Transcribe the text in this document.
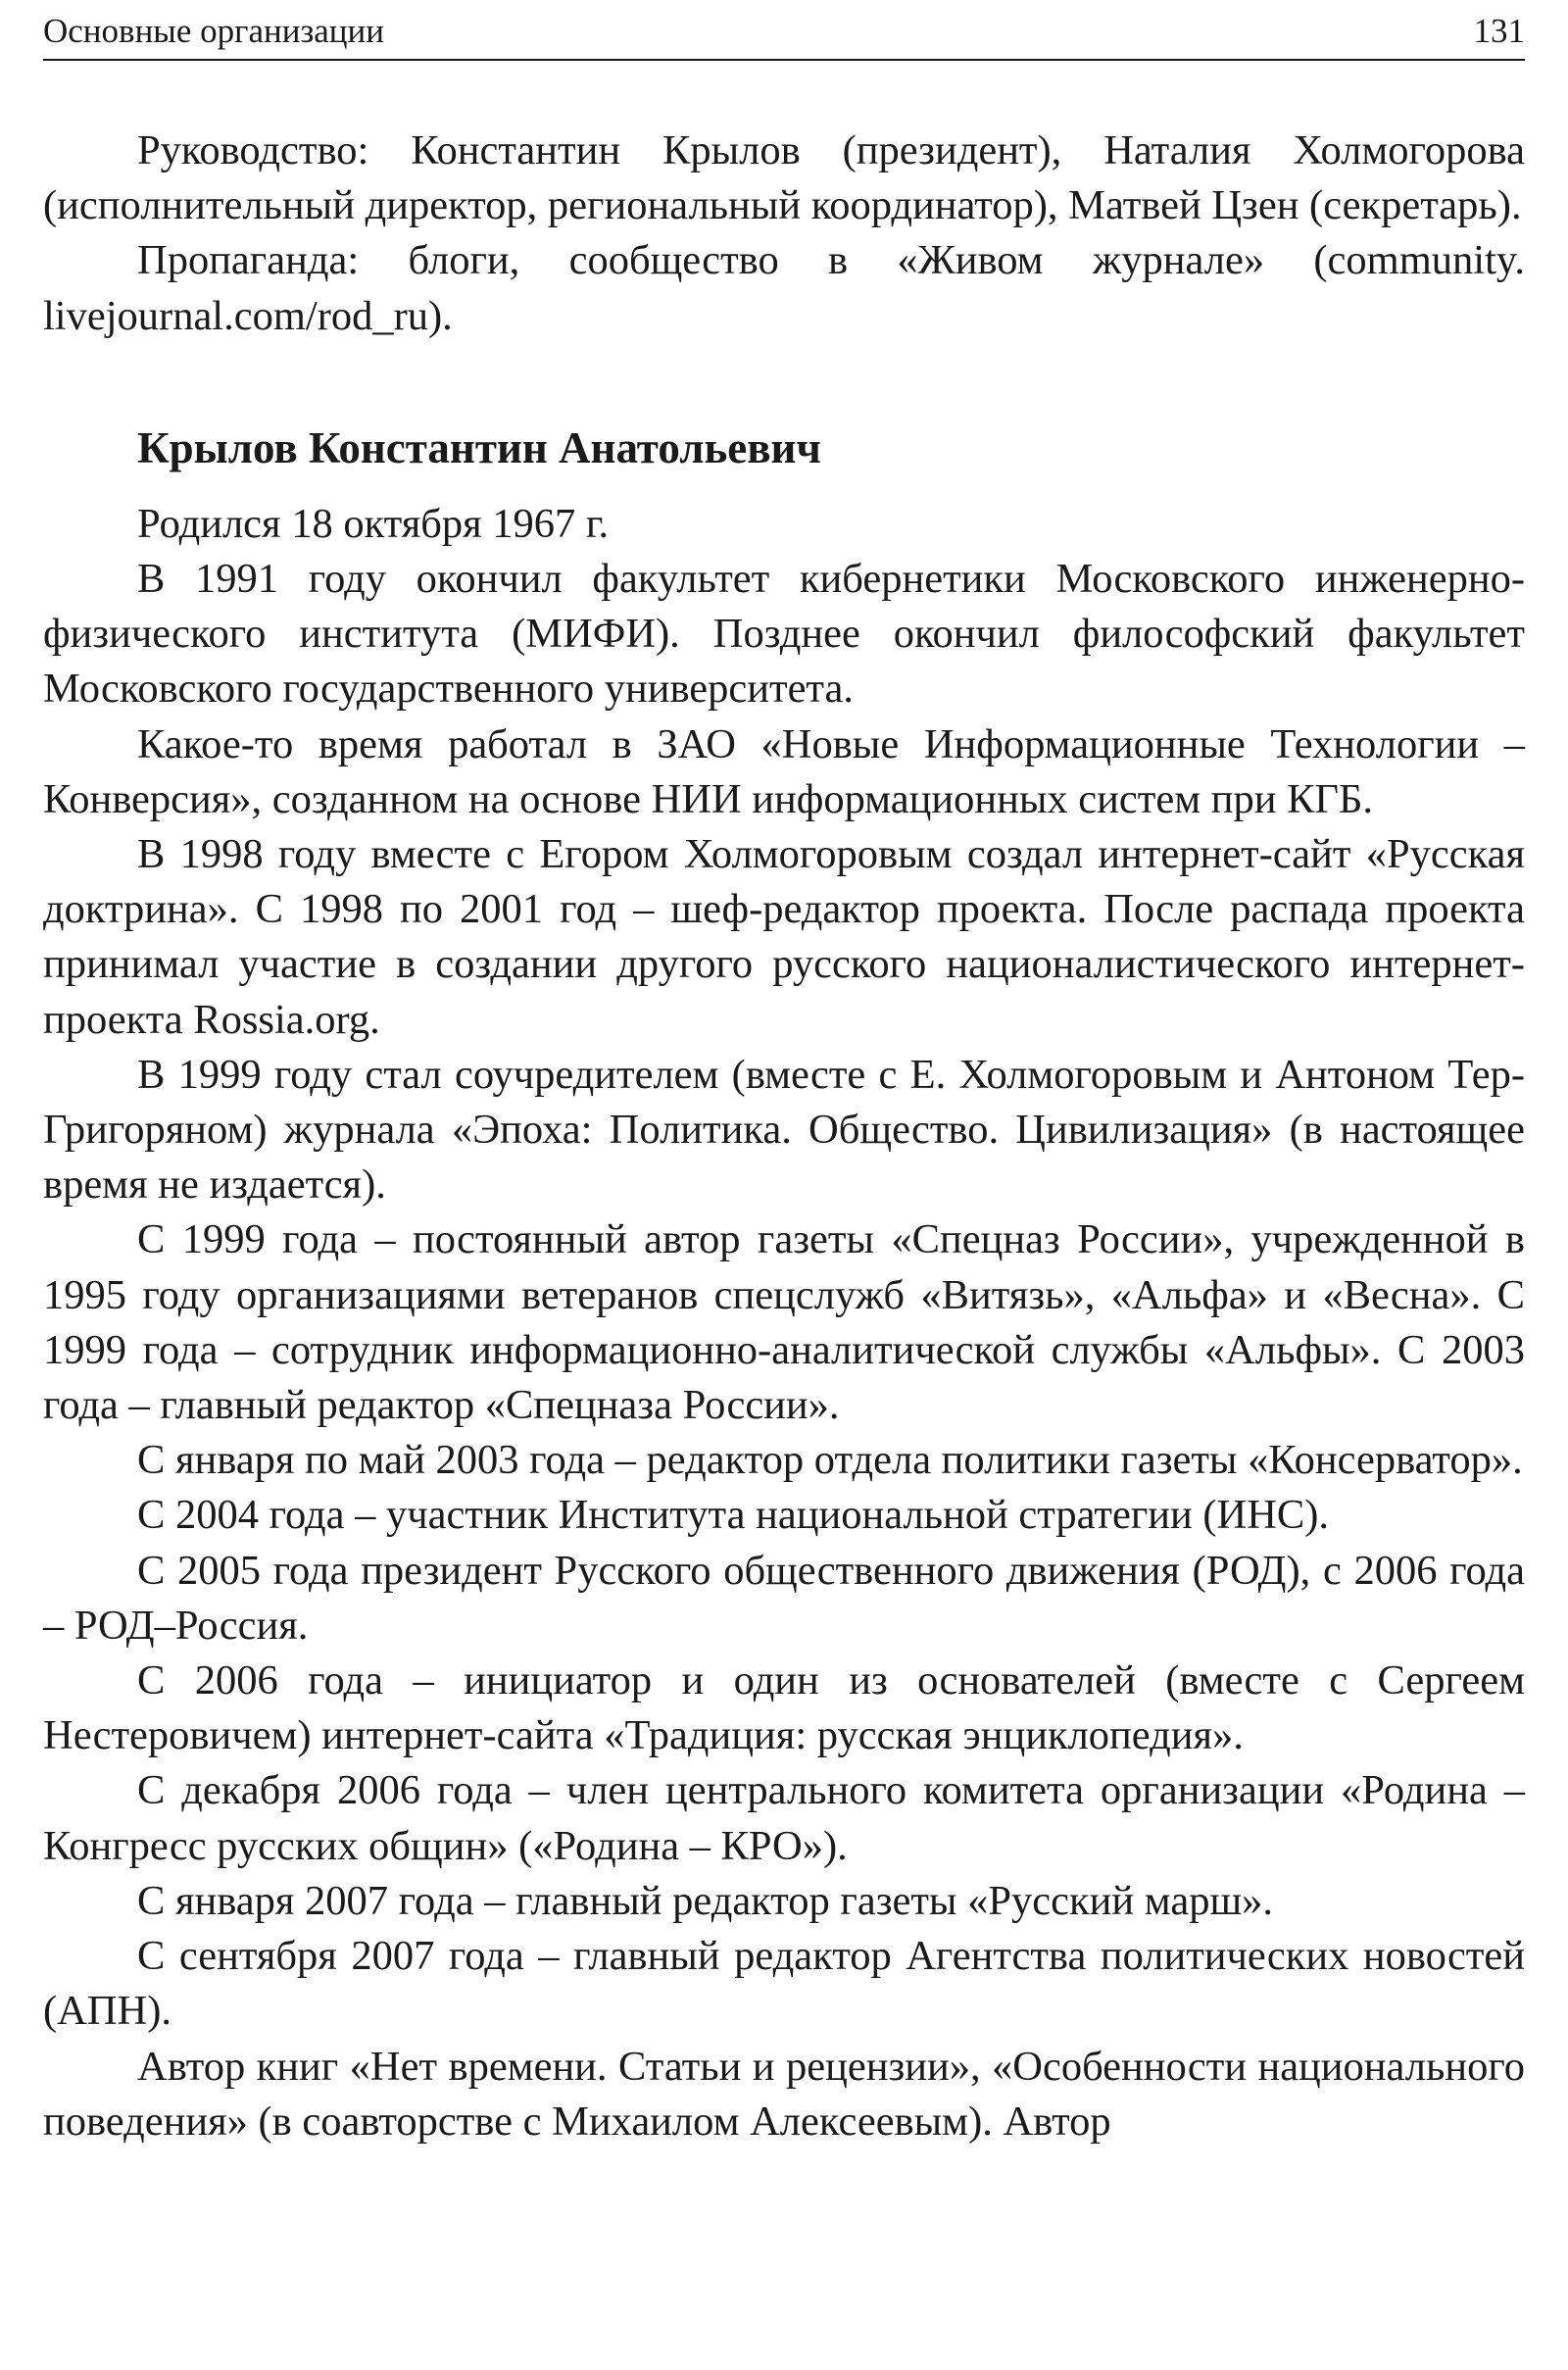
Основные организации	131

Руководство: Константин Крылов (президент), Наталия Холмогорова (исполнительный директор, региональный координатор), Матвей Цзен (секретарь).

Пропаганда: блоги, сообщество в «Живом журнале» (community.​livejournal.com/rod_ru).

Крылов Константин Анатольевич

Родился 18 октября 1967 г.

В 1991 году окончил факультет кибернетики Московского инженерно-физического института (МИФИ). Позднее окончил философский факультет Московского государственного университета.

Какое-то время работал в ЗАО «Новые Информационные Технологии – Конверсия», созданном на основе НИИ информационных систем при КГБ.

В 1998 году вместе с Егором Холмогоровым создал интернет-сайт «Русская доктрина». С 1998 по 2001 год – шеф-редактор проекта. После распада проекта принимал участие в создании другого русского националистического интернет-проекта Rossia.org.

В 1999 году стал соучредителем (вместе с Е. Холмогоровым и Антоном Тер-Григоряном) журнала «Эпоха: Политика. Общество. Цивилизация» (в настоящее время не издается).

С 1999 года – постоянный автор газеты «Спецназ России», учрежденной в 1995 году организациями ветеранов спецслужб «Витязь», «Альфа» и «Весна». С 1999 года – сотрудник информационно-аналитической службы «Альфы». С 2003 года – главный редактор «Спецназа России».

С января по май 2003 года – редактор отдела политики газеты «Консерватор».

С 2004 года – участник Института национальной стратегии (ИНС).

С 2005 года президент Русского общественного движения (РОД), с 2006 года – РОД–Россия.

С 2006 года – инициатор и один из основателей (вместе с Сергеем Нестеровичем) интернет-сайта «Традиция: русская энциклопедия».

С декабря 2006 года – член центрального комитета организации «Родина – Конгресс русских общин» («Родина – КРО»).

С января 2007 года – главный редактор газеты «Русский марш».

С сентября 2007 года – главный редактор Агентства политических новостей (АПН).

Автор книг «Нет времени. Статьи и рецензии», «Особенности национального поведения» (в соавторстве с Михаилом Алексеевым). Автор
